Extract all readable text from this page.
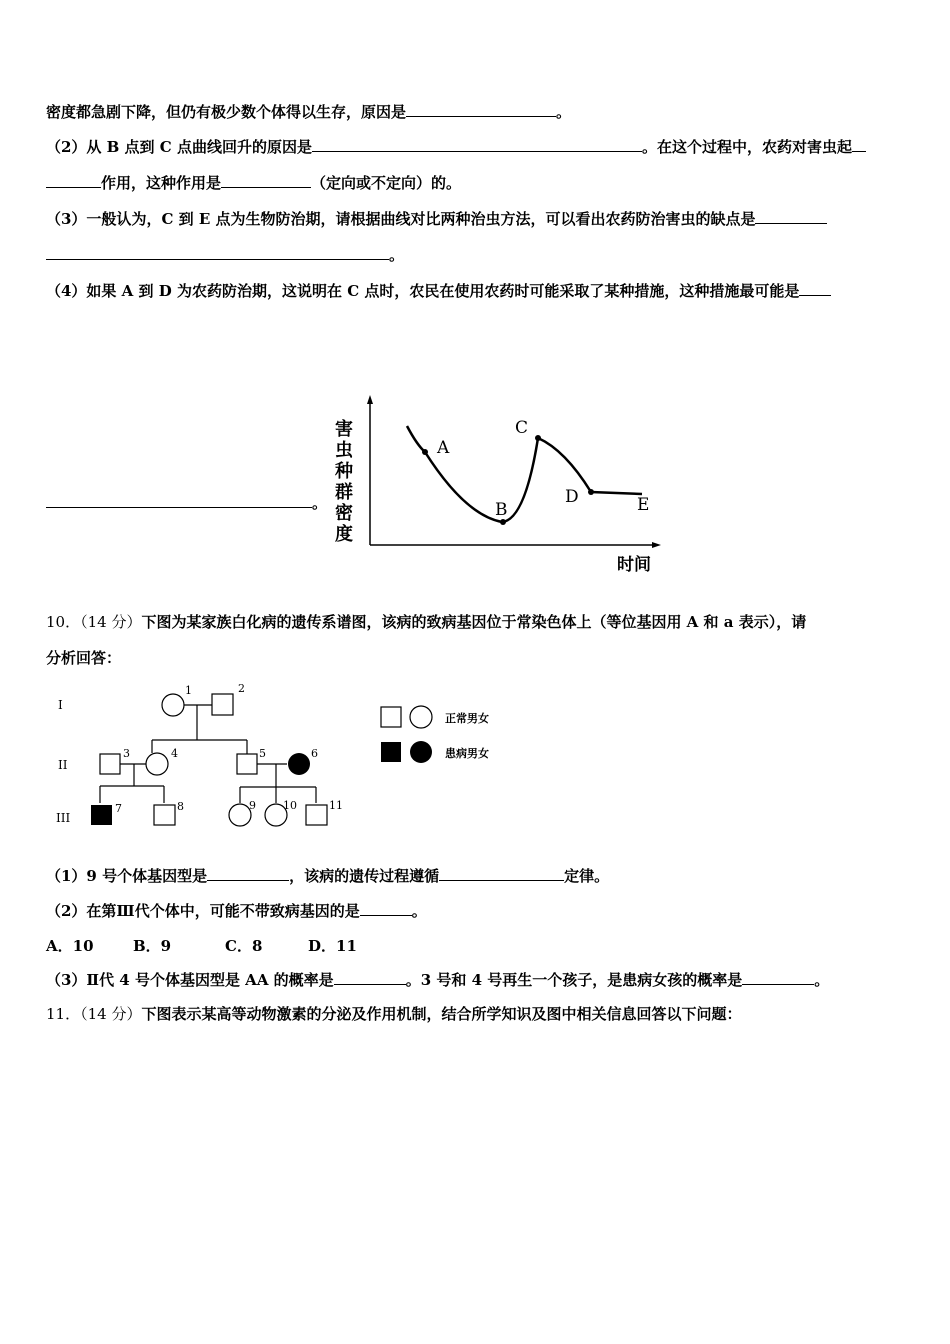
密度都急剧下降，但仍有极少数个体得以生存，原因是	。
（2）从 B 点到 C 点曲线回升的原因是	。在这个过程中，农药对害虫起
作用，这种作用是	（定向或不定向）的。
（3）一般认为，C 到 E 点为生物防治期，请根据曲线对比两种治虫方法，可以看出农药防治害虫的缺点是
。
（4）如果 A 到 D 为农药防治期，这说明在 C 点时，农民在使用农药时可能采取了某种措施，这种措施最可能是
。
害
虫
种
群
密
度
时间
A
B
C
D	E
10．（14 分）下图为某家族白化病的遗传系谱图，该病的致病基因位于常染色体上（等位基因用 A 和 a 表示），请
分析回答：
I
II
III
1	2
3	4	5	6
7	8	9 10	11
正常男女
患病男女
（1）9 号个体基因型是	，该病的遗传过程遵循	定律。
（2）在第Ⅲ代个体中，可能不带致病基因的是	。
A．10	B．9	C．8	D．11
（3）Ⅱ代 4 号个体基因型是 AA 的概率是	。3 号和 4 号再生一个孩子，是患病女孩的概率是	。
11．（14 分）下图表示某高等动物激素的分泌及作用机制，结合所学知识及图中相关信息回答以下问题：
